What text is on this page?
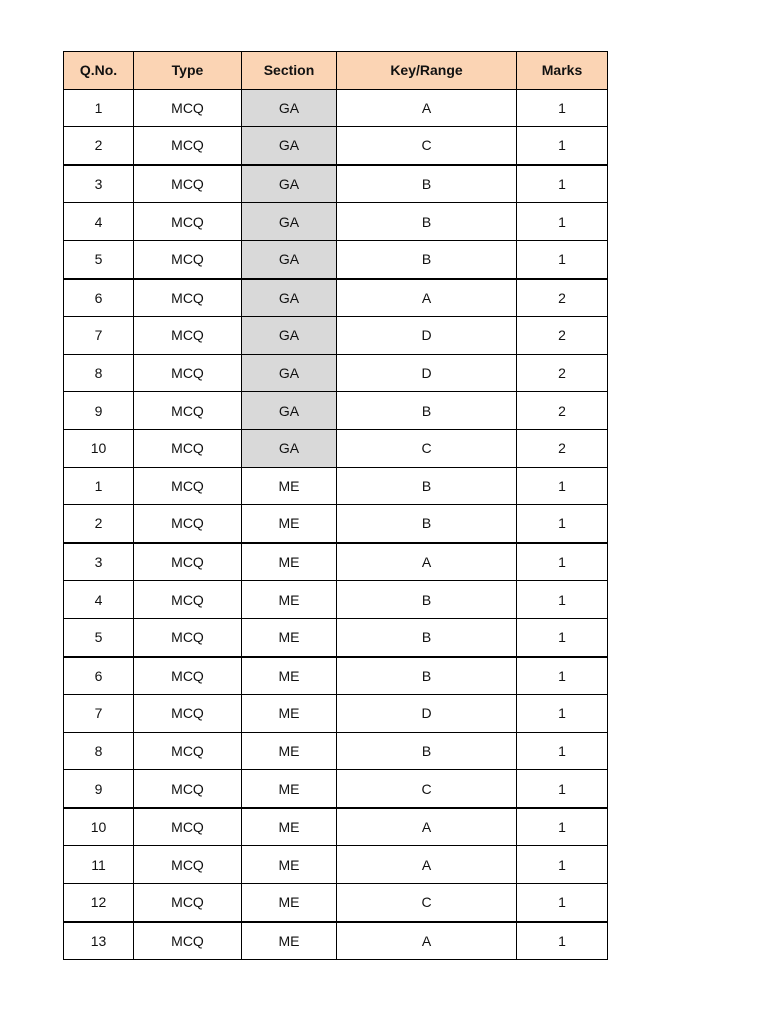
Q.No.	Type	Section	Key/Range	Marks
1	MCQ	GA	A	1
2	MCQ	GA	C	1
3	MCQ	GA	B	1
4	MCQ	GA	B	1
5	MCQ	GA	B	1
6	MCQ	GA	A	2
7	MCQ	GA	D	2
8	MCQ	GA	D	2
9	MCQ	GA	B	2
10	MCQ	GA	C	2
1	MCQ	ME	B	1
2	MCQ	ME	B	1
3	MCQ	ME	A	1
4	MCQ	ME	B	1
5	MCQ	ME	B	1
6	MCQ	ME	B	1
7	MCQ	ME	D	1
8	MCQ	ME	B	1
9	MCQ	ME	C	1
10	MCQ	ME	A	1
11	MCQ	ME	A	1
12	MCQ	ME	C	1
13	MCQ	ME	A	1
